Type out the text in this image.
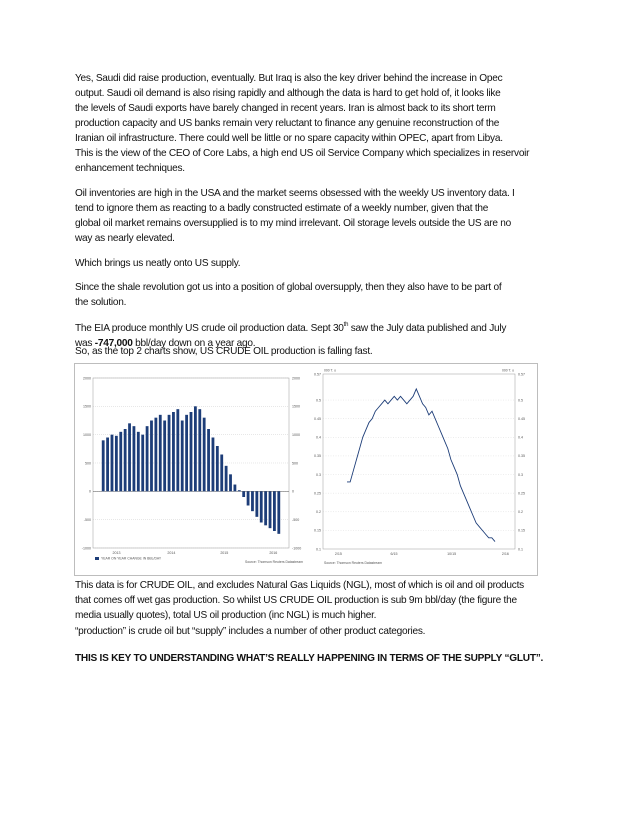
Yes, Saudi did raise production, eventually. But Iraq is also the key driver behind the increase in Opec
output. Saudi oil demand is also rising rapidly and although the data is hard to get hold of, it looks like
the levels of Saudi exports have barely changed in recent years. Iran is almost back to its short term
production capacity and US banks remain very reluctant to finance any genuine reconstruction of the
Iranian oil infrastructure. There could well be little or no spare capacity within OPEC, apart from Libya.
This is the view of the CEO of Core Labs, a high end US oil Service Company which specializes in reservoir
enhancement techniques.
Oil inventories are high in the USA and the market seems obsessed with the weekly US inventory data. I
tend to ignore them as reacting to a badly constructed estimate of a weekly number, given that the
global oil market remains oversupplied is to my mind irrelevant. Oil storage levels outside the US are no
way as nearly elevated.
Which brings us neatly onto US supply.
Since the shale revolution got us into a position of global oversupply, then they also have to be part of
the solution.
The EIA produce monthly US crude oil production data. Sept 30th saw the July data published and July
was -747,000 bbl/day down on a year ago.
So, as the top 2 charts show, US CRUDE OIL production is falling fast.
2000	2000
1500	1500
1000	1000
500	500
0	0
-500	-500
-1000	-1000
2013	2014	2015	2016
YEAR ON YEAR CHANGE IN BBL/DAY
Source: Thomson Reuters Datastream
0.57	0.57
0.5	0.5
0.45	0.45
0.4	0.4
0.35	0.35
0.3	0.3
0.25	0.25
0.2	0.2
0.15	0.15
0.1	0.1
000 T. o	000 T. o
2/15	6/15	10/15	2/16
Source: Thomson Reuters Datastream
This data is for CRUDE OIL, and excludes Natural Gas Liquids (NGL), most of which is oil and oil products
that comes off wet gas production. So whilst US CRUDE OIL production is sub 9m bbl/day (the figure the
media usually quotes), total US oil production (inc NGL) is much higher.
“production” is crude oil but “supply” includes a number of other product categories.
THIS IS KEY TO UNDERSTANDING WHAT’S REALLY HAPPENING IN TERMS OF THE SUPPLY “GLUT”.
